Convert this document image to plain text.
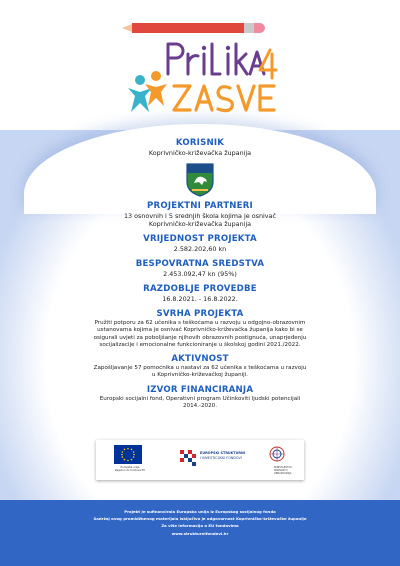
KORISNIK

Koprivničko-križevačka županija

PROJEKTNI PARTNERI

13 osnovnih i 5 srednjih škola kojima je osnivač

Koprivničko-križevačka županija

VRIJEDNOST PROJEKTA

2.582.202,60 kn

BESPOVRATNA SREDSTVA

2.453.092,47 kn (95%)

RAZDOBLJE PROVEDBE

16.8.2021. - 16.8.2022.

SVRHA PROJEKTA

Pružiti potporu za 62 učenika s teškoćama u razvoju u odgojno-obrazovnim

ustanovama kojima je osnivač Koprivničko-križevačka županija kako bi se

osigurali uvjeti za poboljšanje njihovih obrazovnih postignuća, unaprjeđenju

socijalizacije i emocionalne funkcioniranje u školskoj godini 2021./2022.

AKTIVNOST

Zapošljavanje 57 pomoćnika u nastavi za 62 učenika s teškoćama u razvoju

u Koprivničko-križevačkoj županiji.

IZVOR FINANCIRANJA

Europski socijalni fond, Operativni program Učinkoviti ljudski potencijali

2014.-2020.

Europska unija
Zajedno do fondova EU
EUROPSKI STRUKTURNI
I INVESTICIJSKI FONDOVI
MINISTARSTVO ZNANOSTI I OBRAZOVANJA

Projekt je sufinancirala Europska unija iz Europskog socijalnog fonda

Sadržaj ovog promidžbenog materijala isključivo je odgovornost Koprivničko-križevačke županije

Za više informacija o EU fondovima

www.strukturnifondovi.hr
